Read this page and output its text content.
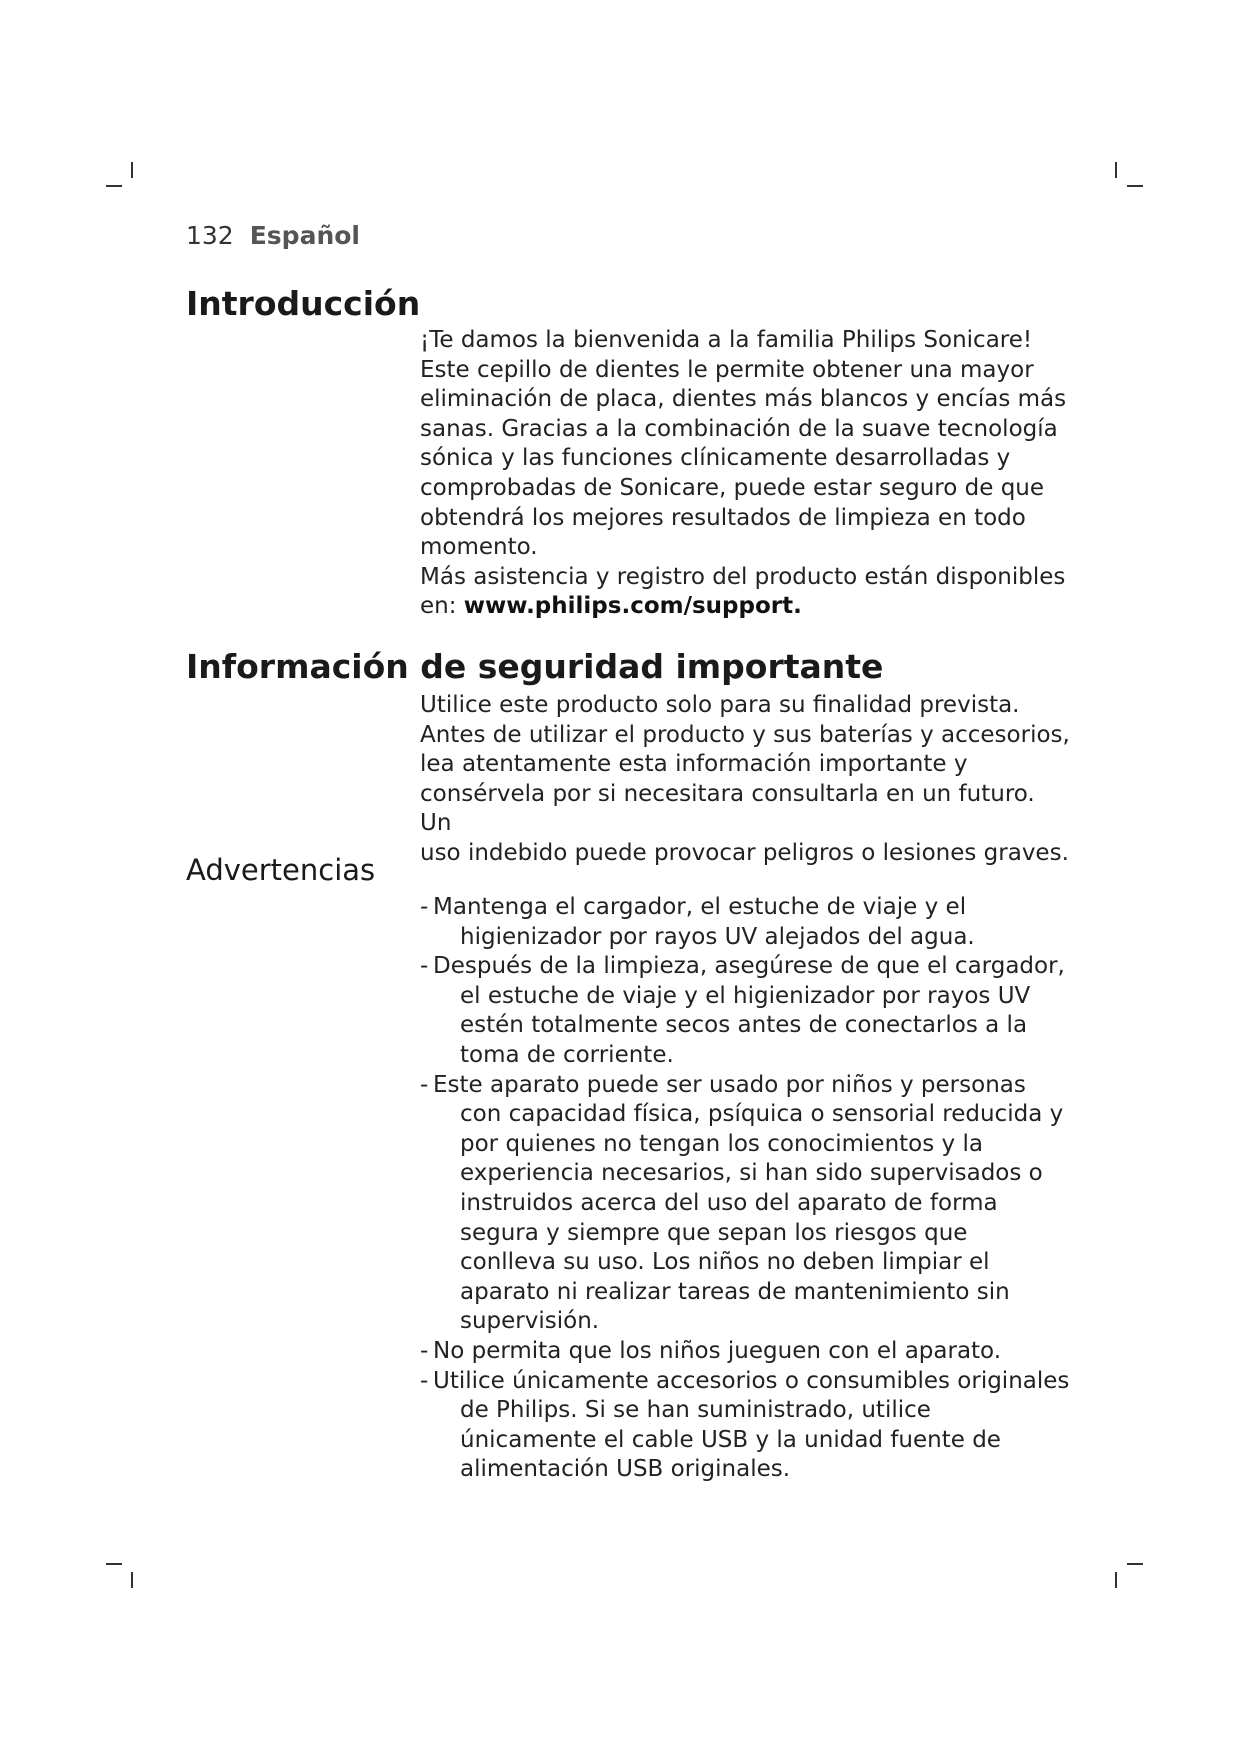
132 Español
Introducción

¡Te damos la bienvenida a la familia Philips Sonicare!

Este cepillo de dientes le permite obtener una mayor

eliminación de placa, dientes más blancos y encías más

sanas. Gracias a la combinación de la suave tecnología

sónica y las funciones clínicamente desarrolladas y

comprobadas de Sonicare, puede estar seguro de que

obtendrá los mejores resultados de limpieza en todo

momento.

Más asistencia y registro del producto están disponibles

en: www.philips.com/support.

Información de seguridad importante

Utilice este producto solo para su finalidad prevista.

Antes de utilizar el producto y sus baterías y accesorios,

lea atentamente esta información importante y

consérvela por si necesitara consultarla en un futuro. Un

uso indebido puede provocar peligros o lesiones graves.

Advertencias
- Mantenga el cargador, el estuche de viaje y el higienizador por rayos UV alejados del agua.
- Después de la limpieza, asegúrese de que el cargador, el estuche de viaje y el higienizador por rayos UV estén totalmente secos antes de conectarlos a la toma de corriente.
- Este aparato puede ser usado por niños y personas con capacidad física, psíquica o sensorial reducida y por quienes no tengan los conocimientos y la experiencia necesarios, si han sido supervisados o instruidos acerca del uso del aparato de forma segura y siempre que sepan los riesgos que conlleva su uso. Los niños no deben limpiar el aparato ni realizar tareas de mantenimiento sin supervisión.
- No permita que los niños jueguen con el aparato.
- Utilice únicamente accesorios o consumibles originales de Philips. Si se han suministrado, utilice únicamente el cable USB y la unidad fuente de alimentación USB originales.
